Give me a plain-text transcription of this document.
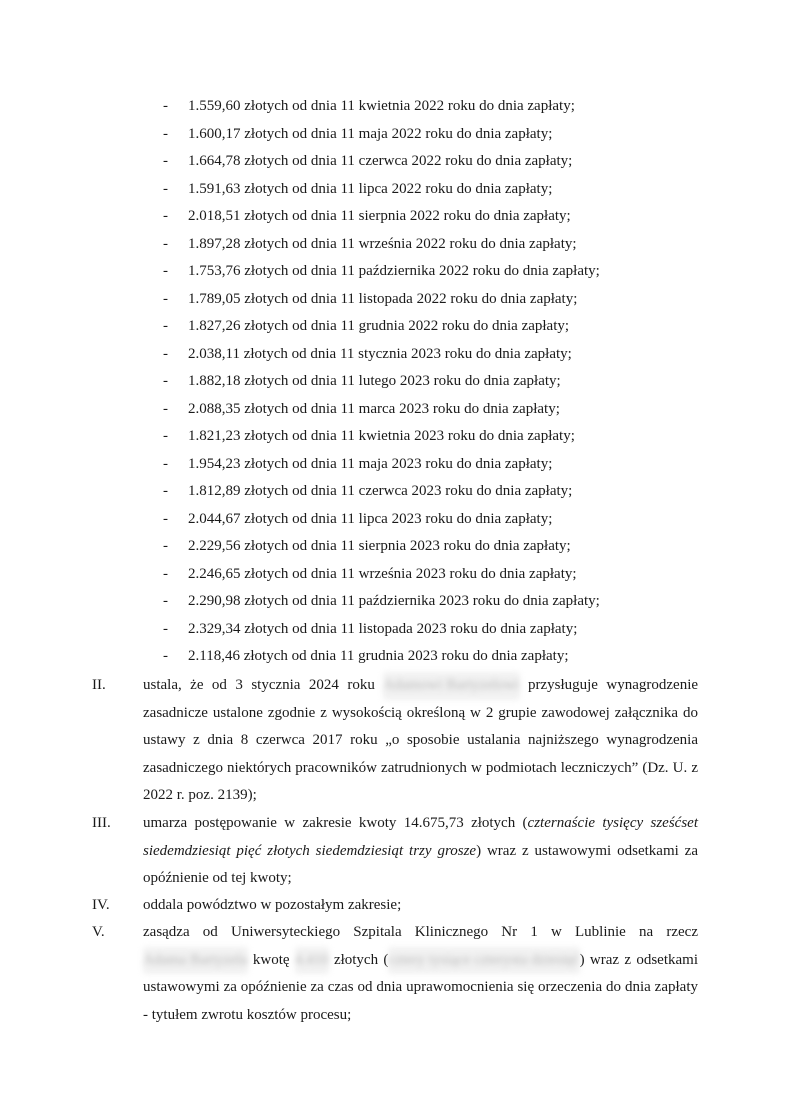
- 1.559,60 złotych od dnia 11 kwietnia 2022 roku do dnia zapłaty;
- 1.600,17 złotych od dnia 11 maja 2022 roku do dnia zapłaty;
- 1.664,78 złotych od dnia 11 czerwca 2022 roku do dnia zapłaty;
- 1.591,63 złotych od dnia 11 lipca 2022 roku do dnia zapłaty;
- 2.018,51 złotych od dnia 11 sierpnia 2022 roku do dnia zapłaty;
- 1.897,28 złotych od dnia 11 września 2022 roku do dnia zapłaty;
- 1.753,76 złotych od dnia 11 października 2022 roku do dnia zapłaty;
- 1.789,05 złotych od dnia 11 listopada 2022 roku do dnia zapłaty;
- 1.827,26 złotych od dnia 11 grudnia 2022 roku do dnia zapłaty;
- 2.038,11 złotych od dnia 11 stycznia 2023 roku do dnia zapłaty;
- 1.882,18 złotych od dnia 11 lutego 2023 roku do dnia zapłaty;
- 2.088,35 złotych od dnia 11 marca 2023 roku do dnia zapłaty;
- 1.821,23 złotych od dnia 11 kwietnia 2023 roku do dnia zapłaty;
- 1.954,23 złotych od dnia 11 maja 2023 roku do dnia zapłaty;
- 1.812,89 złotych od dnia 11 czerwca 2023 roku do dnia zapłaty;
- 2.044,67 złotych od dnia 11 lipca 2023 roku do dnia zapłaty;
- 2.229,56 złotych od dnia 11 sierpnia 2023 roku do dnia zapłaty;
- 2.246,65 złotych od dnia 11 września 2023 roku do dnia zapłaty;
- 2.290,98 złotych od dnia 11 października 2023 roku do dnia zapłaty;
- 2.329,34 złotych od dnia 11 listopada 2023 roku do dnia zapłaty;
- 2.118,46 złotych od dnia 11 grudnia 2023 roku do dnia zapłaty;
II. ustala, że od 3 stycznia 2024 roku Adamowi Bartyzelowi przysługuje wynagrodzenie zasadnicze ustalone zgodnie z wysokością określoną w 2 grupie zawodowej załącznika do ustawy z dnia 8 czerwca 2017 roku „o sposobie ustalania najniższego wynagrodzenia zasadniczego niektórych pracowników zatrudnionych w podmiotach leczniczych” (Dz. U. z 2022 r. poz. 2139);

III. umarza postępowanie w zakresie kwoty 14.675,73 złotych (czternaście tysięcy sześćset siedemdziesiąt pięć złotych siedemdziesiąt trzy grosze) wraz z ustawowymi odsetkami za opóźnienie od tej kwoty;

IV. oddala powództwo w pozostałym zakresie;

V.	zasądza od Uniwersyteckiego Szpitala Klinicznego Nr 1 w Lublinie na rzecz Adama Bartyzela kwotę 4.410 złotych (cztery tysiące czterysta dziesięć) wraz z odsetkami ustawowymi za opóźnienie za czas od dnia uprawomocnienia się orzeczenia do dnia zapłaty - tytułem zwrotu kosztów procesu;
